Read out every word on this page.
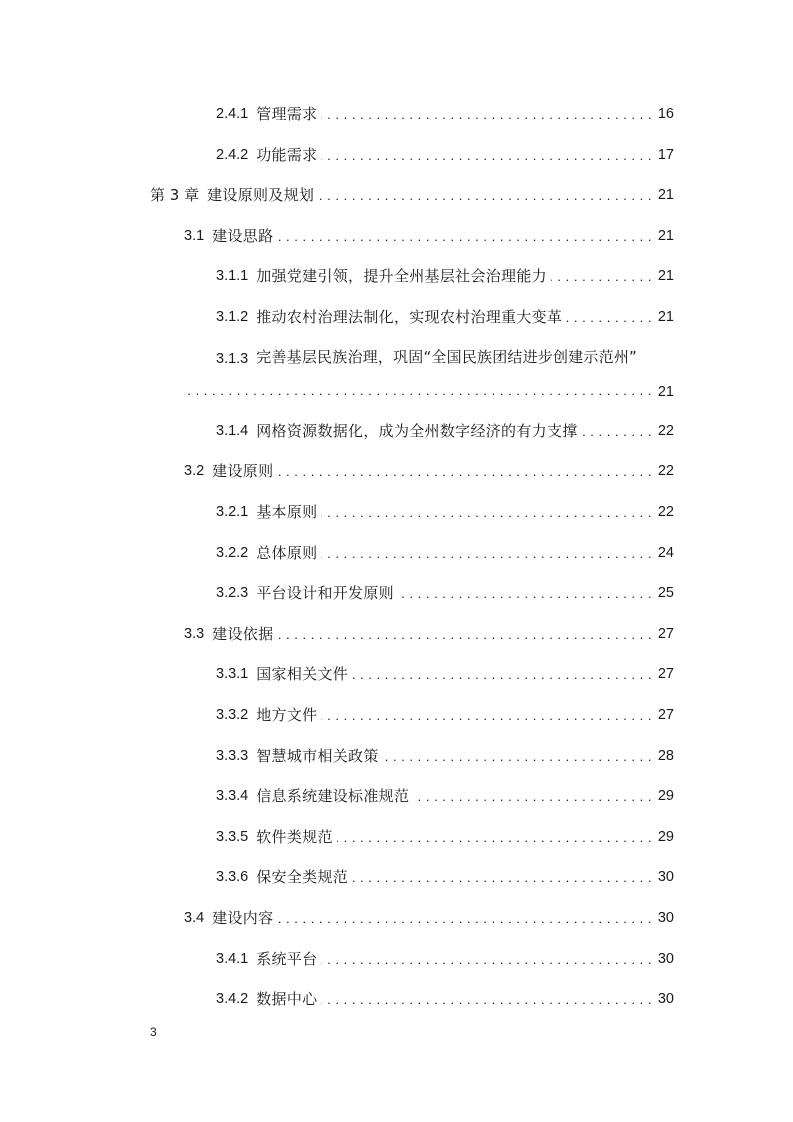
2.4.1 管理需求 . . .	16
2.4.2 功能需求 . . .	17
第 3 章 建设原则及规划 . . .	21
3.1 建设思路 . . .	21
3.1.1 加强党建引领，提升全州基层社会治理能力 . . .	21
3.1.2 推动农村治理法制化，实现农村治理重大变革 . . .	21
3.1.3 完善基层民族治理，巩固“全国民族团结进步创建示范州”
. . .
21
3.1.4 网格资源数据化，成为全州数字经济的有力支撑 . . .	22
3.2 建设原则 . . .	22
3.2.1 基本原则 . . .	22
3.2.2 总体原则 . . .	24
3.2.3 平台设计和开发原则 . . .	25
3.3 建设依据 . . .	27
3.3.1 国家相关文件 . . .	27
3.3.2 地方文件 . . .	27
3.3.3 智慧城市相关政策 . . .	28
3.3.4 信息系统建设标准规范 . . .	29
3.3.5 软件类规范 . . .	29
3.3.6 保安全类规范 . . .	30
3.4 建设内容 . . .	30
3.4.1 系统平台 . . .	30
3.4.2 数据中心 . . .	30
3
